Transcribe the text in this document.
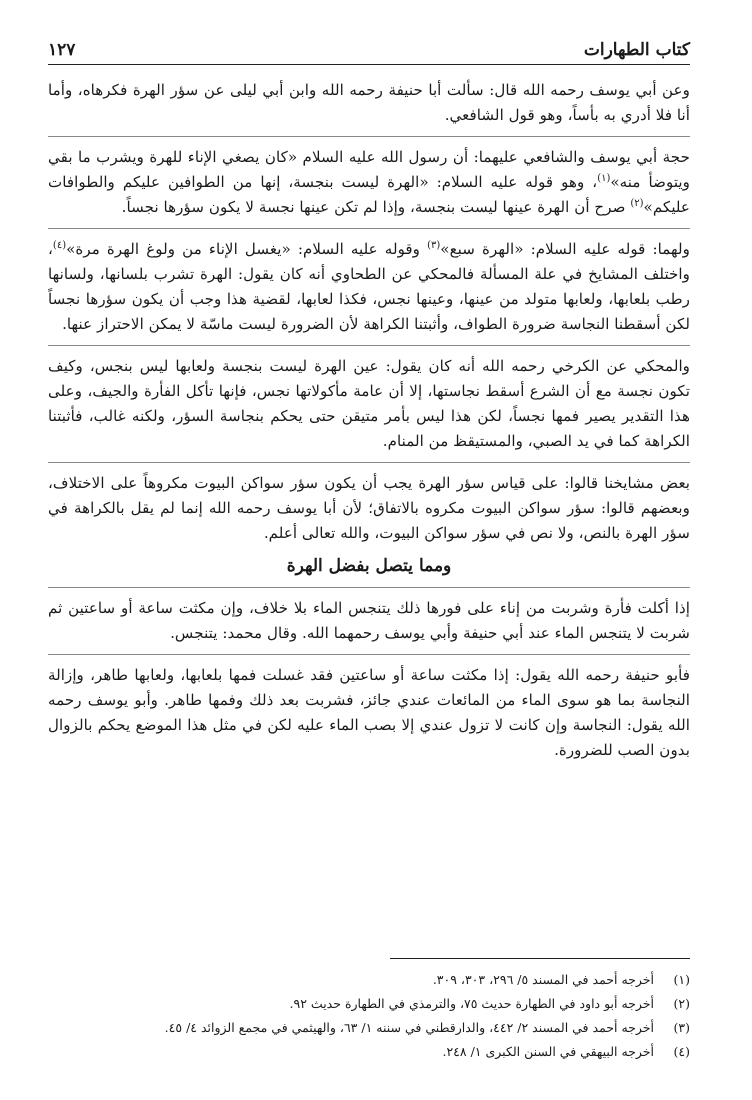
كتاب الطهارات
١٢٧

وعن أبي يوسف رحمه الله قال: سألت أبا حنيفة رحمه الله وابن أبي ليلى عن سؤر الهرة فكرهاه، وأما أنا فلا أدري به بأساً، وهو قول الشافعي.

حجة أبي يوسف والشافعي عليهما: أن رسول الله عليه السلام «كان يصغي الإناء للهرة ويشرب ما بقي ويتوضأ منه»$^{(١)}$، وهو قوله عليه السلام: «الهرة ليست بنجسة، إنها من الطوافين عليكم والطوافات عليكم»$^{(٢)}$ صرح أن الهرة عينها ليست بنجسة، وإذا لم تكن عينها نجسة لا يكون سؤرها نجساً.

ولهما: قوله عليه السلام: «الهرة سبع»$^{(٣)}$ وقوله عليه السلام: «يغسل الإناء من ولوغ الهرة مرة»$^{(٤)}$، واختلف المشايخ في علة المسألة فالمحكي عن الطحاوي أنه كان يقول: الهرة تشرب بلسانها، ولسانها رطب بلعابها، ولعابها متولد من عينها، وعينها نجس، فكذا لعابها، لقضية هذا وجب أن يكون سؤرها نجساً لكن أسقطنا النجاسة ضرورة الطواف، وأثبتنا الكراهة لأن الضرورة ليست ماسّة لا يمكن الاحتراز عنها.

والمحكي عن الكرخي رحمه الله أنه كان يقول: عين الهرة ليست بنجسة ولعابها ليس بنجس، وكيف تكون نجسة مع أن الشرع أسقط نجاستها، إلا أن عامة مأكولاتها نجس، فإنها تأكل الفأرة والجيف، وعلى هذا التقدير يصير فمها نجساً، لكن هذا ليس بأمر متيقن حتى يحكم بنجاسة السؤر، ولكنه غالب، فأثبتنا الكراهة كما في يد الصبي، والمستيقظ من المنام.

بعض مشايخنا قالوا: على قياس سؤر الهرة يجب أن يكون سؤر سواكن البيوت مكروهاً على الاختلاف، وبعضهم قالوا: سؤر سواكن البيوت مكروه بالاتفاق؛ لأن أبا يوسف رحمه الله إنما لم يقل بالكراهة في سؤر الهرة بالنص، ولا نص في سؤر سواكن البيوت، والله تعالى أعلم.

ومما يتصل بفضل الهرة

إذا أكلت فأرة وشربت من إناء على فورها ذلك يتنجس الماء بلا خلاف، وإن مكثت ساعة أو ساعتين ثم شربت لا يتنجس الماء عند أبي حنيفة وأبي يوسف رحمهما الله. وقال محمد: يتنجس.

فأبو حنيفة رحمه الله يقول: إذا مكثت ساعة أو ساعتين فقد غسلت فمها بلعابها، ولعابها طاهر، وإزالة النجاسة بما هو سوى الماء من المائعات عندي جائز، فشربت بعد ذلك وفمها طاهر. وأبو يوسف رحمه الله يقول: النجاسة وإن كانت لا تزول عندي إلا بصب الماء عليه لكن في مثل هذا الموضع يحكم بالزوال بدون الصب للضرورة.

(١)
أخرجه أحمد في المسند ٥/ ٢٩٦، ٣٠٣، ٣٠٩.
(٢)
أخرجه أبو داود في الطهارة حديث ٧٥، والترمذي في الطهارة حديث ٩٢.
(٣)
أخرجه أحمد في المسند ٢/ ٤٤٢، والدارقطني في سننه ١/ ٦٣، والهيثمي في مجمع الزوائد ٤/ ٤٥.
(٤)
أخرجه البيهقي في السنن الكبرى ١/ ٢٤٨.
